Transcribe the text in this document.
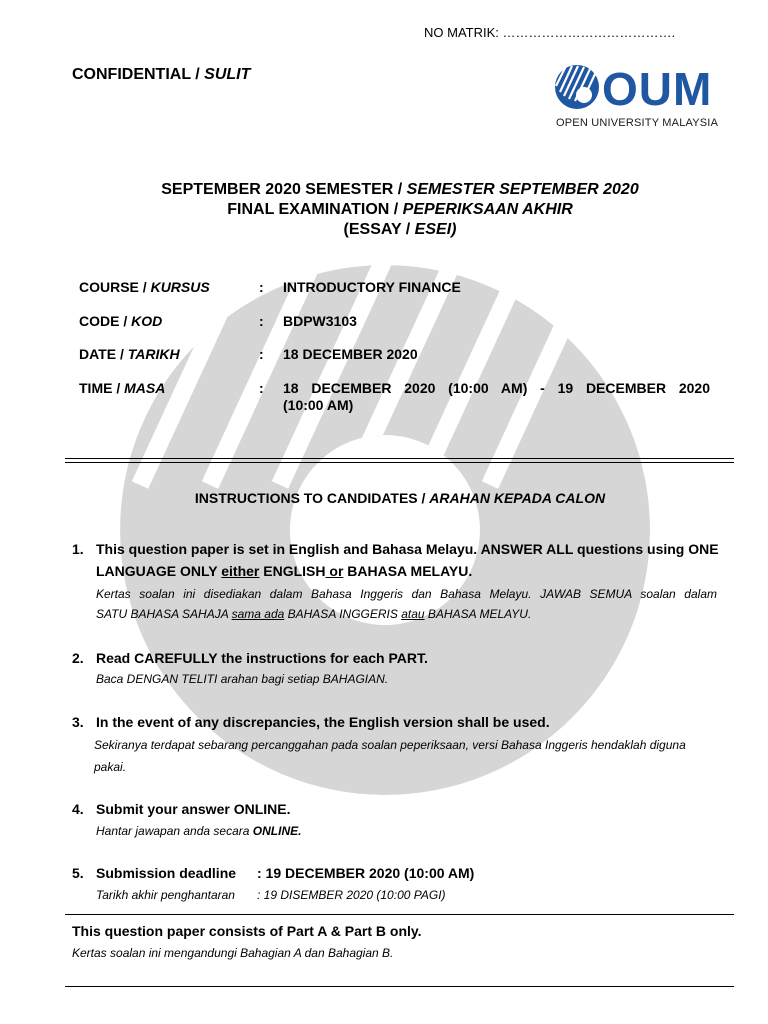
NO MATRIK: ………………………………….
CONFIDENTIAL / SULIT	OUM
OPEN UNIVERSITY MALAYSIA
SEPTEMBER 2020 SEMESTER / SEMESTER SEPTEMBER 2020
FINAL EXAMINATION / PEPERIKSAAN AKHIR
(ESSAY / ESEI)
COURSE / KURSUS	: INTRODUCTORY FINANCE
CODE / KOD	: BDPW3103
DATE / TARIKH	: 18 DECEMBER 2020
TIME / MASA	: 18 DECEMBER 2020 (10:00 AM) - 19 DECEMBER 2020
(10:00 AM)
INSTRUCTIONS TO CANDIDATES / ARAHAN KEPADA CALON
1. This question paper is set in English and Bahasa Melayu. ANSWER ALL questions using ONE
LANGUAGE ONLY either ENGLISH or BAHASA MELAYU.
Kertas soalan ini disediakan dalam Bahasa Inggeris dan Bahasa Melayu. JAWAB SEMUA soalan dalam
SATU BAHASA SAHAJA sama ada BAHASA INGGERIS atau BAHASA MELAYU.
2. Read CAREFULLY the instructions for each PART.
Baca DENGAN TELITI arahan bagi setiap BAHAGIAN.
3. In the event of any discrepancies, the English version shall be used.
Sekiranya terdapat sebarang percanggahan pada soalan peperiksaan, versi Bahasa Inggeris hendaklah diguna
pakai.
4. Submit your answer ONLINE.
Hantar jawapan anda secara ONLINE.
5. Submission deadline : 19 DECEMBER 2020 (10:00 AM)
Tarikh akhir penghantaran : 19 DISEMBER 2020 (10:00 PAGI)
This question paper consists of Part A & Part B only.
Kertas soalan ini mengandungi Bahagian A dan Bahagian B.
